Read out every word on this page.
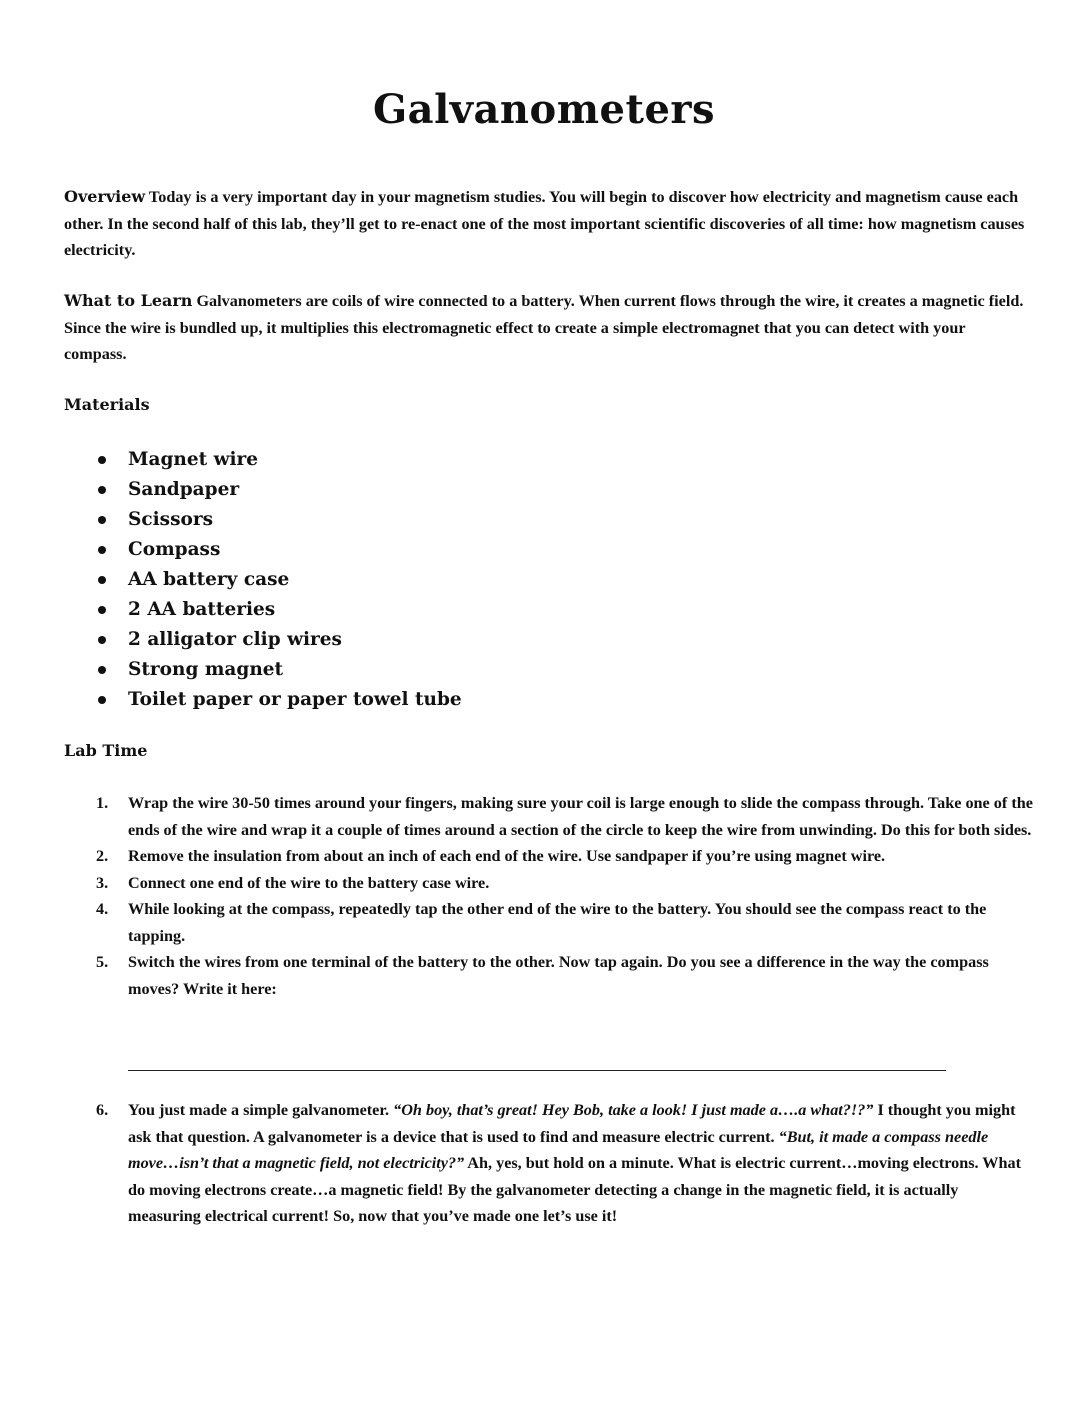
Galvanometers
Overview Today is a very important day in your magnetism studies. You will begin to discover how electricity and magnetism cause each other. In the second half of this lab, they’ll get to re-enact one of the most important scientific discoveries of all time: how magnetism causes electricity.
What to Learn Galvanometers are coils of wire connected to a battery. When current flows through the wire, it creates a magnetic field. Since the wire is bundled up, it multiplies this electromagnetic effect to create a simple electromagnet that you can detect with your compass.
Materials
Magnet wire
Sandpaper
Scissors
Compass
AA battery case
2 AA batteries
2 alligator clip wires
Strong magnet
Toilet paper or paper towel tube
Lab Time
1. Wrap the wire 30-50 times around your fingers, making sure your coil is large enough to slide the compass through. Take one of the ends of the wire and wrap it a couple of times around a section of the circle to keep the wire from unwinding. Do this for both sides.
2. Remove the insulation from about an inch of each end of the wire. Use sandpaper if you’re using magnet wire.
3. Connect one end of the wire to the battery case wire.
4. While looking at the compass, repeatedly tap the other end of the wire to the battery. You should see the compass react to the tapping.
5. Switch the wires from one terminal of the battery to the other. Now tap again. Do you see a difference in the way the compass moves? Write it here:
6. You just made a simple galvanometer. “Oh boy, that’s great! Hey Bob, take a look! I just made a….a what?!?” I thought you might ask that question. A galvanometer is a device that is used to find and measure electric current. “But, it made a compass needle move…isn’t that a magnetic field, not electricity?” Ah, yes, but hold on a minute. What is electric current…moving electrons. What do moving electrons create…a magnetic field! By the galvanometer detecting a change in the magnetic field, it is actually measuring electrical current! So, now that you’ve made one let’s use it!
